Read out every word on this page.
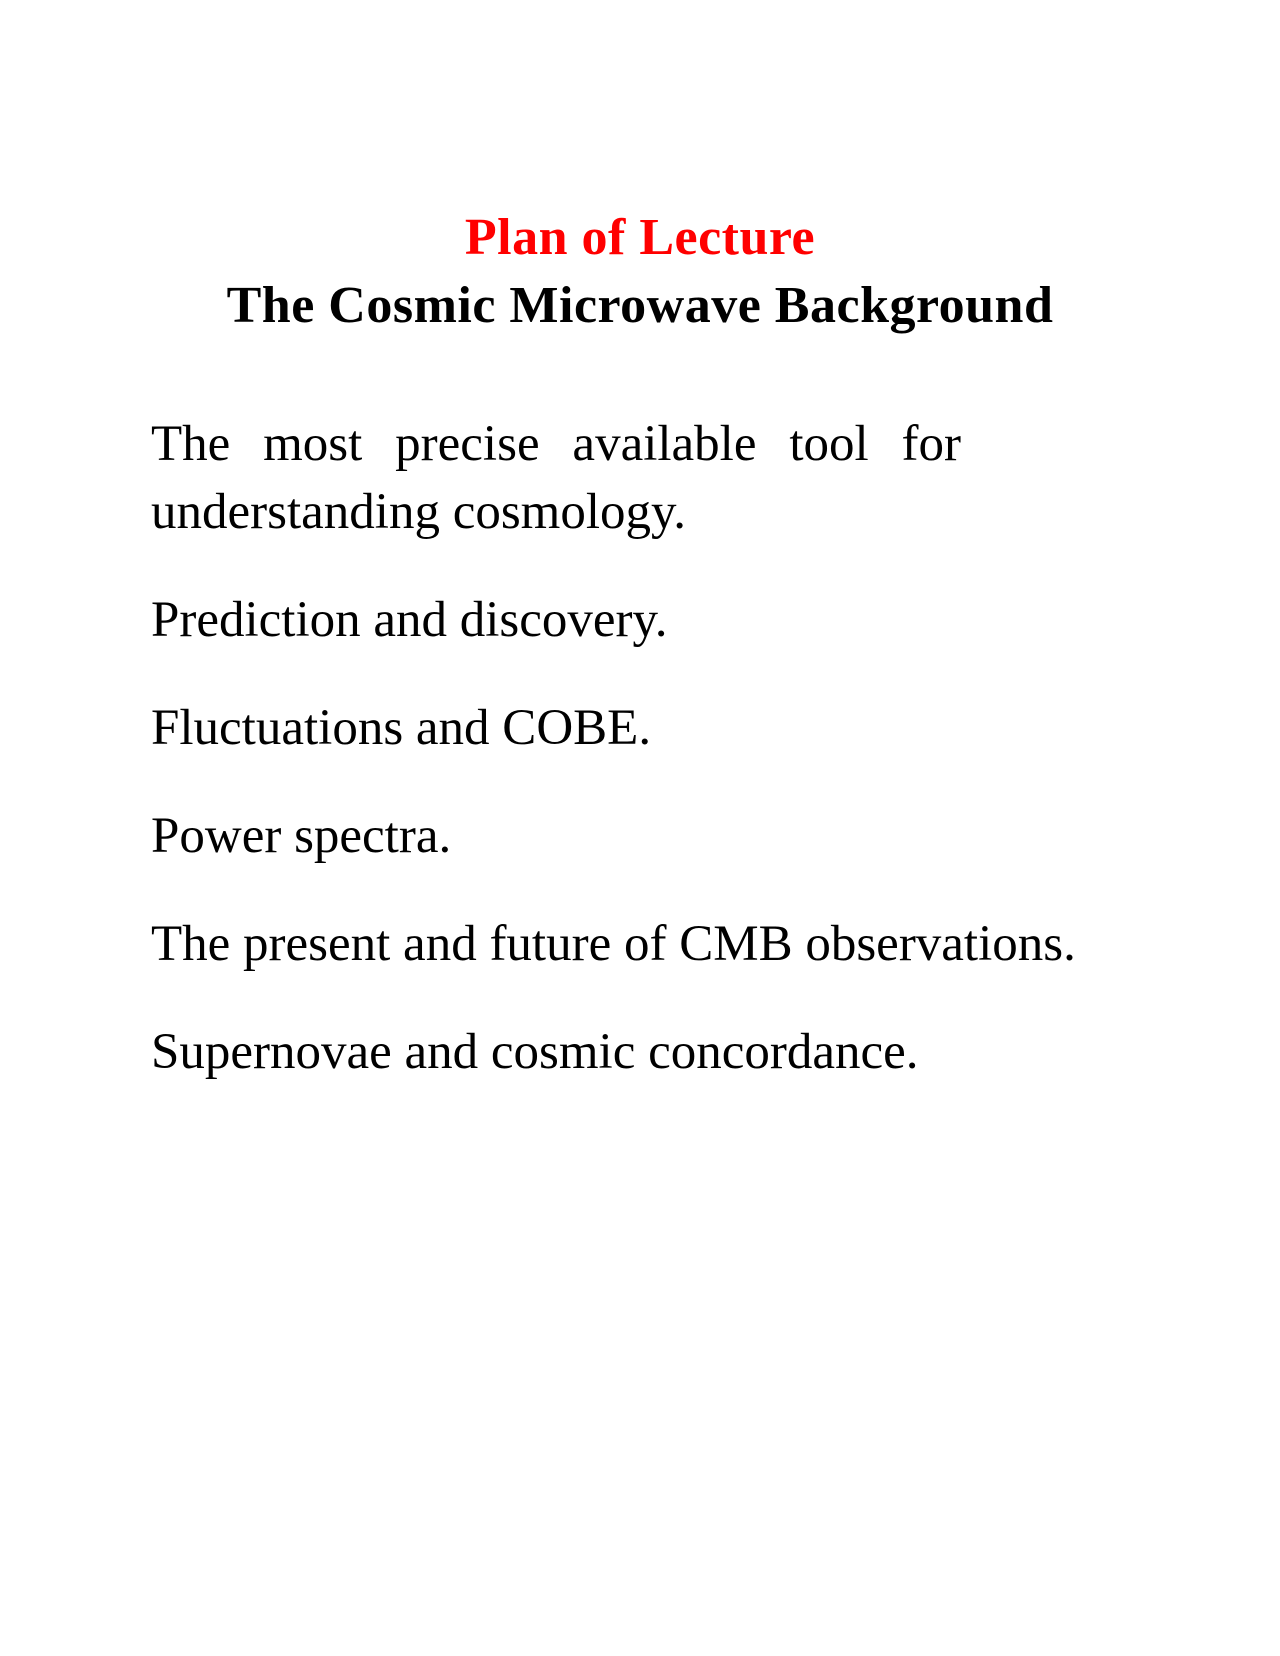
Plan of Lecture
The Cosmic Microwave Background

The most precise available tool for understanding cosmology.

Prediction and discovery.

Fluctuations and COBE.

Power spectra.

The present and future of CMB observations.

Supernovae and cosmic concordance.
